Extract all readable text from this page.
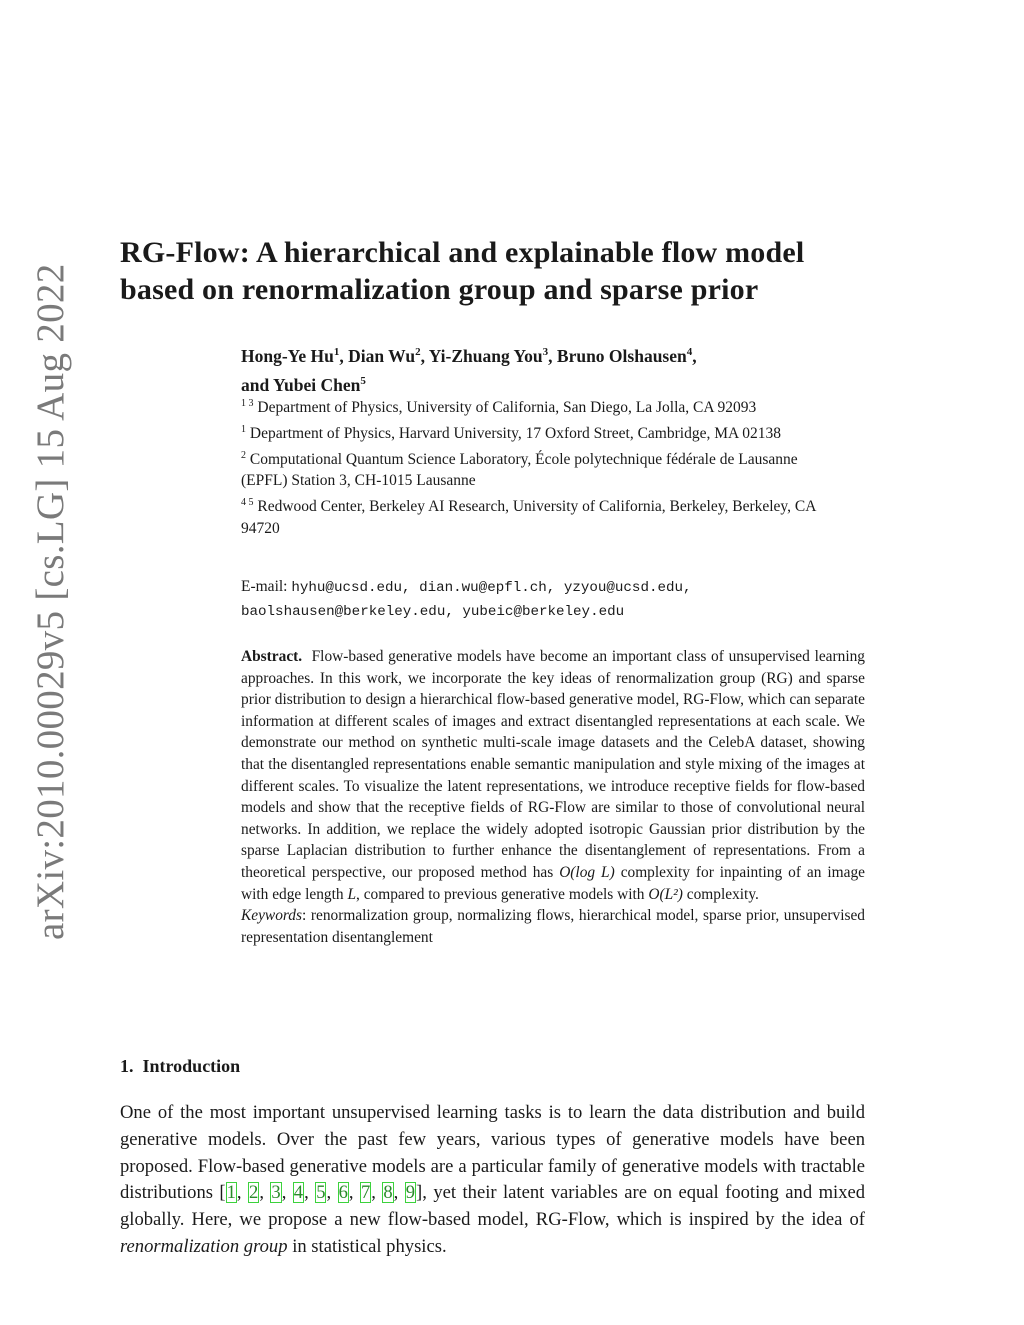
arXiv:2010.00029v5 [cs.LG] 15 Aug 2022
RG-Flow: A hierarchical and explainable flow model based on renormalization group and sparse prior
Hong-Ye Hu$^1$, Dian Wu$^2$, Yi-Zhuang You$^3$, Bruno Olshausen$^4$,
and Yubei Chen$^5$
$^{1 3}$ Department of Physics, University of California, San Diego, La Jolla, CA 92093
$^1$ Department of Physics, Harvard University, 17 Oxford Street, Cambridge, MA 02138
$^2$ Computational Quantum Science Laboratory, École polytechnique fédérale de Lausanne (EPFL) Station 3, CH-1015 Lausanne
$^{4 5}$ Redwood Center, Berkeley AI Research, University of California, Berkeley, Berkeley, CA 94720
E-mail: hyhu@ucsd.edu, dian.wu@epfl.ch, yzyou@ucsd.edu,
baolshausen@berkeley.edu, yubeic@berkeley.edu
Abstract. Flow-based generative models have become an important class of unsupervised learning approaches. In this work, we incorporate the key ideas of renormalization group (RG) and sparse prior distribution to design a hierarchical flow-based generative model, RG-Flow, which can separate information at different scales of images and extract disentangled representations at each scale. We demonstrate our method on synthetic multi-scale image datasets and the CelebA dataset, showing that the disentangled representations enable semantic manipulation and style mixing of the images at different scales. To visualize the latent representations, we introduce receptive fields for flow-based models and show that the receptive fields of RG-Flow are similar to those of convolutional neural networks. In addition, we replace the widely adopted isotropic Gaussian prior distribution by the sparse Laplacian distribution to further enhance the disentanglement of representations. From a theoretical perspective, our proposed method has O(log L) complexity for inpainting of an image with edge length L, compared to previous generative models with O(L²) complexity.
Keywords: renormalization group, normalizing flows, hierarchical model, sparse prior, unsupervised representation disentanglement
1. Introduction
One of the most important unsupervised learning tasks is to learn the data distribution and build generative models. Over the past few years, various types of generative models have been proposed. Flow-based generative models are a particular family of generative models with tractable distributions [1, 2, 3, 4, 5, 6, 7, 8, 9], yet their latent variables are on equal footing and mixed globally. Here, we propose a new flow-based model, RG-Flow, which is inspired by the idea of renormalization group in statistical physics.
